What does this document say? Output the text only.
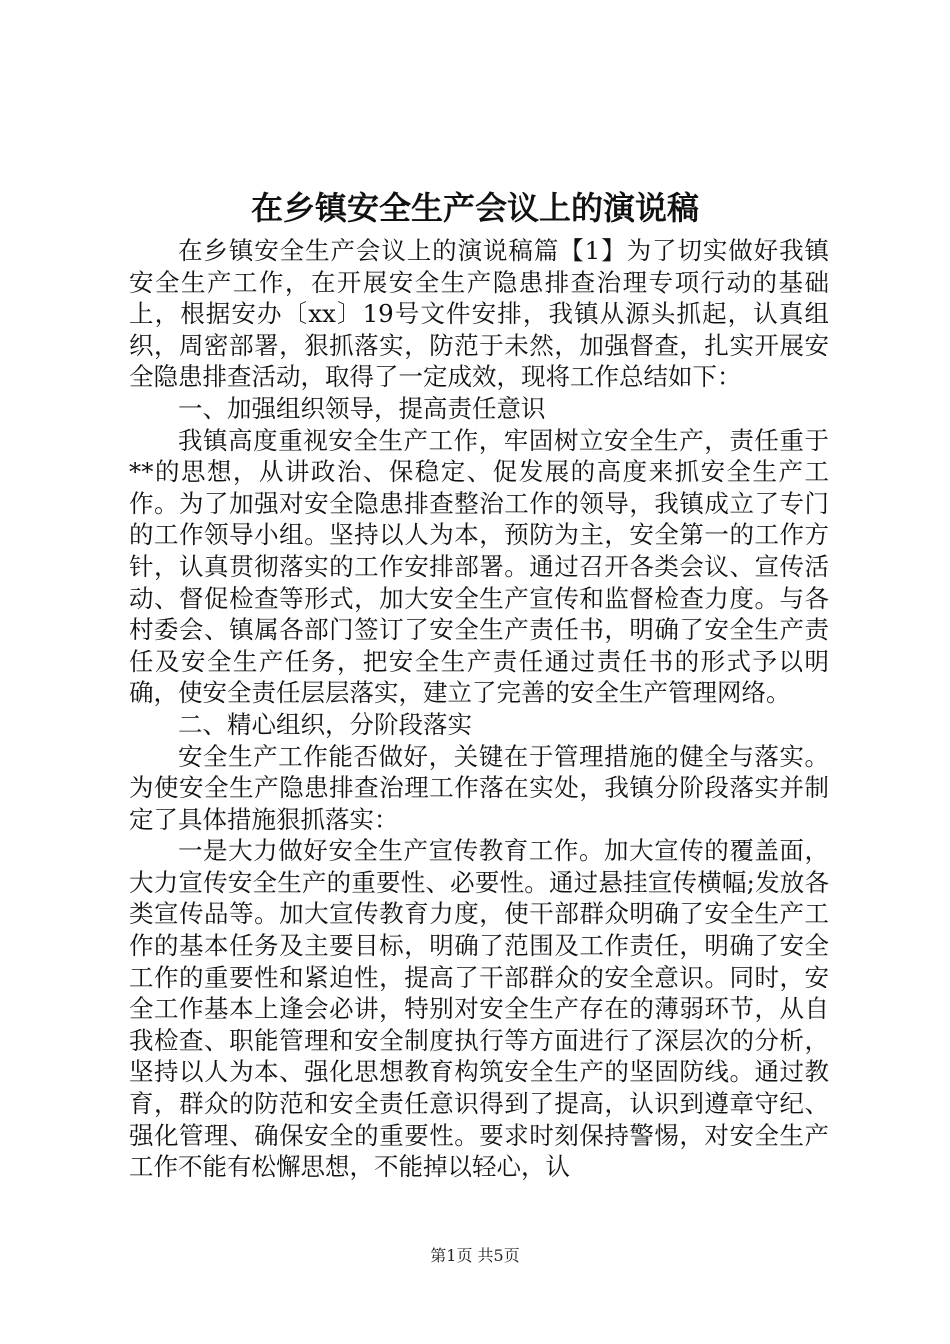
在乡镇安全生产会议上的演说稿

在乡镇安全生产会议上的演说稿篇【1】为了切实做好我镇安全生产工作，在开展安全生产隐患排查治理专项行动的基础上，根据安办〔xx〕19号文件安排，我镇从源头抓起，认真组织，周密部署，狠抓落实，防范于未然，加强督查，扎实开展安全隐患排查活动，取得了一定成效，现将工作总结如下：

一、加强组织领导，提高责任意识

我镇高度重视安全生产工作，牢固树立安全生产，责任重于**的思想，从讲政治、保稳定、促发展的高度来抓安全生产工作。为了加强对安全隐患排查整治工作的领导，我镇成立了专门的工作领导小组。坚持以人为本，预防为主，安全第一的工作方针，认真贯彻落实的工作安排部署。通过召开各类会议、宣传活动、督促检查等形式，加大安全生产宣传和监督检查力度。与各村委会、镇属各部门签订了安全生产责任书，明确了安全生产责任及安全生产任务，把安全生产责任通过责任书的形式予以明确，使安全责任层层落实，建立了完善的安全生产管理网络。

二、精心组织，分阶段落实

安全生产工作能否做好，关键在于管理措施的健全与落实。为使安全生产隐患排查治理工作落在实处，我镇分阶段落实并制定了具体措施狠抓落实：

一是大力做好安全生产宣传教育工作。加大宣传的覆盖面，大力宣传安全生产的重要性、必要性。通过悬挂宣传横幅;发放各类宣传品等。加大宣传教育力度，使干部群众明确了安全生产工作的基本任务及主要目标，明确了范围及工作责任，明确了安全工作的重要性和紧迫性，提高了干部群众的安全意识。同时，安全工作基本上逢会必讲，特别对安全生产存在的薄弱环节，从自我检查、职能管理和安全制度执行等方面进行了深层次的分析，坚持以人为本、强化思想教育构筑安全生产的坚固防线。通过教育，群众的防范和安全责任意识得到了提高，认识到遵章守纪、强化管理、确保安全的重要性。要求时刻保持警惕，对安全生产工作不能有松懈思想，不能掉以轻心，认

第1页 共5页
